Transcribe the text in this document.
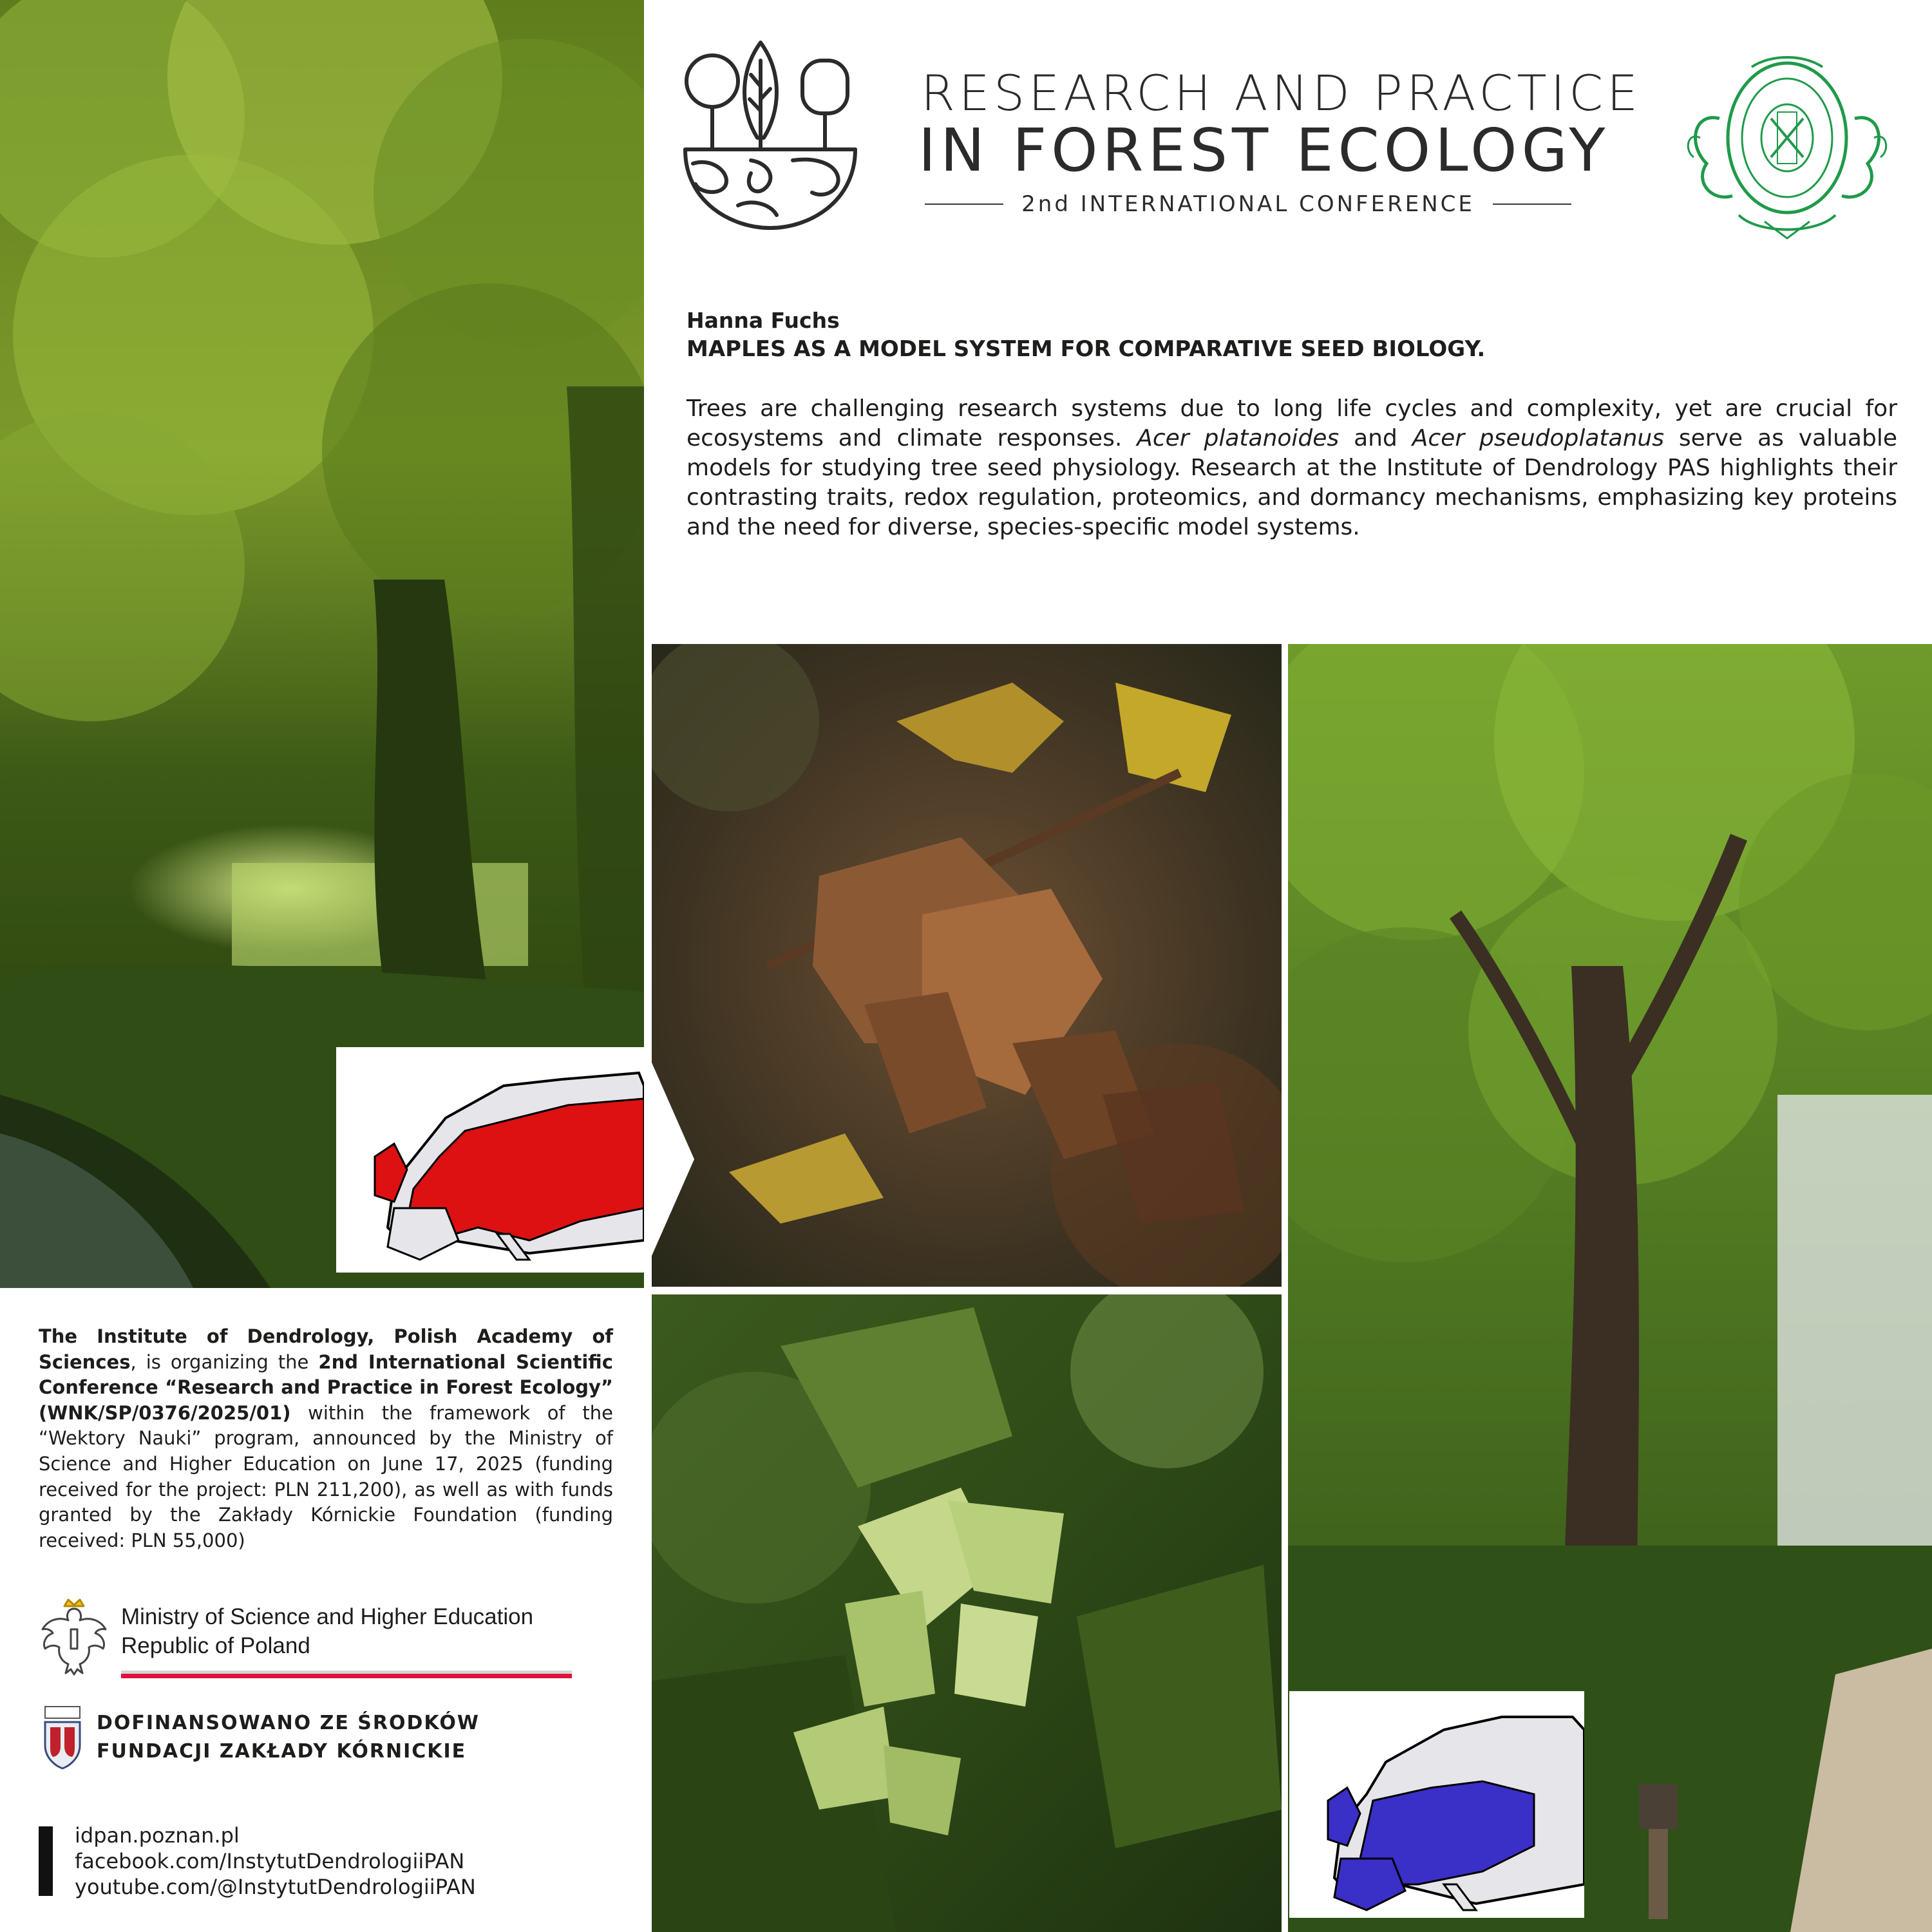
RESEARCH AND PRACTICE
IN FOREST ECOLOGY
2nd INTERNATIONAL CONFERENCE
Hanna Fuchs
MAPLES AS A MODEL SYSTEM FOR COMPARATIVE SEED BIOLOGY.
Trees are challenging research systems due to long life cycles and complexity, yet are crucial for ecosystems and climate responses. Acer platanoides and Acer pseudoplatanus serve as valuable models for studying tree seed physiology. Research at the Institute of Dendrology PAS highlights their contrasting traits, redox regulation, proteomics, and dormancy mechanisms, emphasizing key proteins and the need for diverse, species-specific model systems.
The Institute of Dendrology, Polish Academy of Sciences, is organizing the 2nd International Scientific Conference “Research and Practice in Forest Ecology” (WNK/SP/0376/2025/01) within the framework of the “Wektory Nauki” program, announced by the Ministry of Science and Higher Education on June 17, 2025 (funding received for the project: PLN 211,200), as well as with funds granted by the Zakłady Kórnickie Foundation (funding received: PLN 55,000)
Ministry of Science and Higher Education
Republic of Poland
DOFINANSOWANO ZE ŚRODKÓW
FUNDACJI ZAKŁADY KÓRNICKIE
idpan.poznan.pl
facebook.com/InstytutDendrologiiPAN
youtube.com/@InstytutDendrologiiPAN
